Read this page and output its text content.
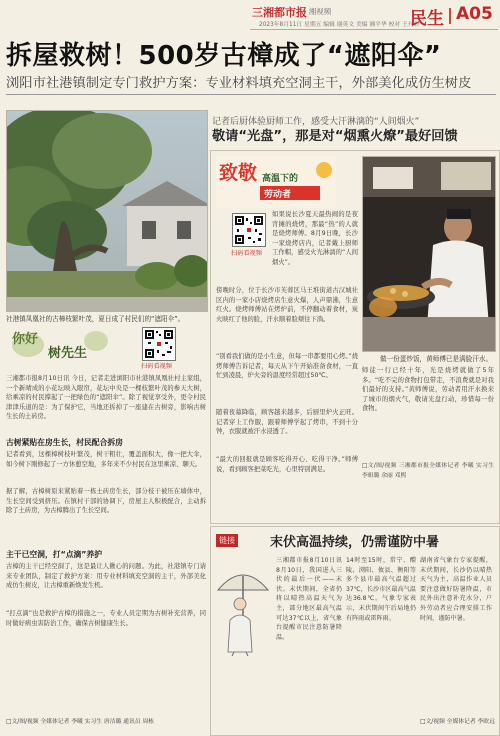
三湘都市报
• 湘视频
2023年8月11日 星期五 编辑 谢英文 美编 湘平华 校对 王丹彩
民生 A05
拆屋救树！500岁古樟成了“遮阳伞”
浏阳市社港镇制定专门救护方案：专业材料填充空洞主干，外部美化成仿生树皮
社港镇凤凰社的古樟枝繁叶茂，夏日成了村民们的“遮阳伞”。
你好
树先生
扫码看视频
三湘都市报8月10日讯 今日，记者走进浏阳市社港镇凤凰社村主家组，一个新晴成的小花坛映入眼帘，花坛中央是一棵枝繁叶茂的参天大树，给乘凉的村民撑起了一把绿色的“遮阳伞”。除了视觉享受外，更令村民津津乐道的是：为了保护它，当地还拆掉了一座建在古树旁，影响古树生长的土砖房。
古树紧贴在房生长，村民配合拆房
记者看到，这棵樟树枝叶繁茂，树干粗壮，覆盖面积大，像一把大伞，如今树下刚修起了一方休憩空地，多年来不少村民在这里乘凉、聊天。
据了解，古樟树原来紧贴着一栋土砖房生长，部分枝干被压在墙体中，生长空间受到挤压。在镇村干部的协调下，房屋主人积极配合，主动拆除了土砖房，为古樟腾出了生长空间。
主干已空洞，打“点滴”养护
古樟的主干已经空洞了，这是最让人揪心的问题。为此，社港镇专门请来专业团队，制定了救护方案：用专业材料填充空洞的主干，外部美化成仿生树皮，让古樟重新焕发生机。
“打点滴”也是救护古樟的措施之一，专业人员定期为古树补充营养，同时做好病虫害防治工作，确保古树健康生长。
□文/图/视频 全媒体记者 李曦 实习生 唐洁璐 通讯员 周栋
记者后厨体验厨师工作，感受大汗淋漓的“人间烟火”
敬请“光盘”，那是对“烟熏火燎”最好回馈
致敬 高温下的
劳动者
扫码看视频
如果说长沙夏天最热闹的是夜宵摊的烧烤，那最“热”的人就是烧烤师傅。8月9日晚，长沙一家烧烤店内，记者戴上厨师工作帽，感受火光淋漓的“人间烟火”。
傍晚时分，位于长沙市芙蓉区马王堆街道古汉城社区内的一家小店烧烤店生意火爆，人声鼎沸，生意红火。烧烤师傅站在烤炉前，不停翻动着食材，炭火映红了他的脸，汗水顺着脸颊往下淌。
“别看我们做的是小生意，但每一串都要用心烤。”烧烤师傅告诉记者，每天从下午开始准备食材，一直忙到凌晨，炉火旁的温度经常超过50℃。
随着夜幕降临，顾客越来越多，后厨里炉火正旺。记者穿上工作服，跟着师傅学起了烤串，不到十分钟，衣服就被汗水浸透了。
“最大的回报就是顾客吃得开心、吃得干净。”师傅说，看到顾客把菜吃光，心里特别满足。
做一份蛋炒饭，黄师傅已是满脸汗水。
师徒一行已经十年，光是烧烤就做了5年多。“吃不完的食物打包带走，不浪费就是对我们最好的支持。”黄师傅说，劳动者用汗水换来了城市的烟火气，敬请光盘行动，珍惜每一份食物。
□文/图/视频 三湘都市报全媒体记者 李曦 实习生 李姐璐 余丽 邓熙
链接	末伏高温持续，仍需谨防中暑
三湘都市报8月10日讯 8月10日，我国进入三伏的最后一伏——末伏。末伏期间，全省仍将以晴热高温天气为主，部分地区最高气温可达37℃以上，省气象台提醒市民注意防暑降温。
14时至15时，常宁、醴陵、浏阳、攸县、衡阳等多个县市最高气温超过37℃，长沙市区最高气温达36.8℃。气象专家表示，末伏期间午后局地仍有阵雨或雷阵雨。
湖南省气象台专家提醒，末伏期间，长沙仍以晴热天气为主，高温作业人员要注意做好防暑降温，市民外出注意补充水分，户外劳动者应合理安排工作时间，谨防中暑。
□文/视频 全媒体记者 李欧远
